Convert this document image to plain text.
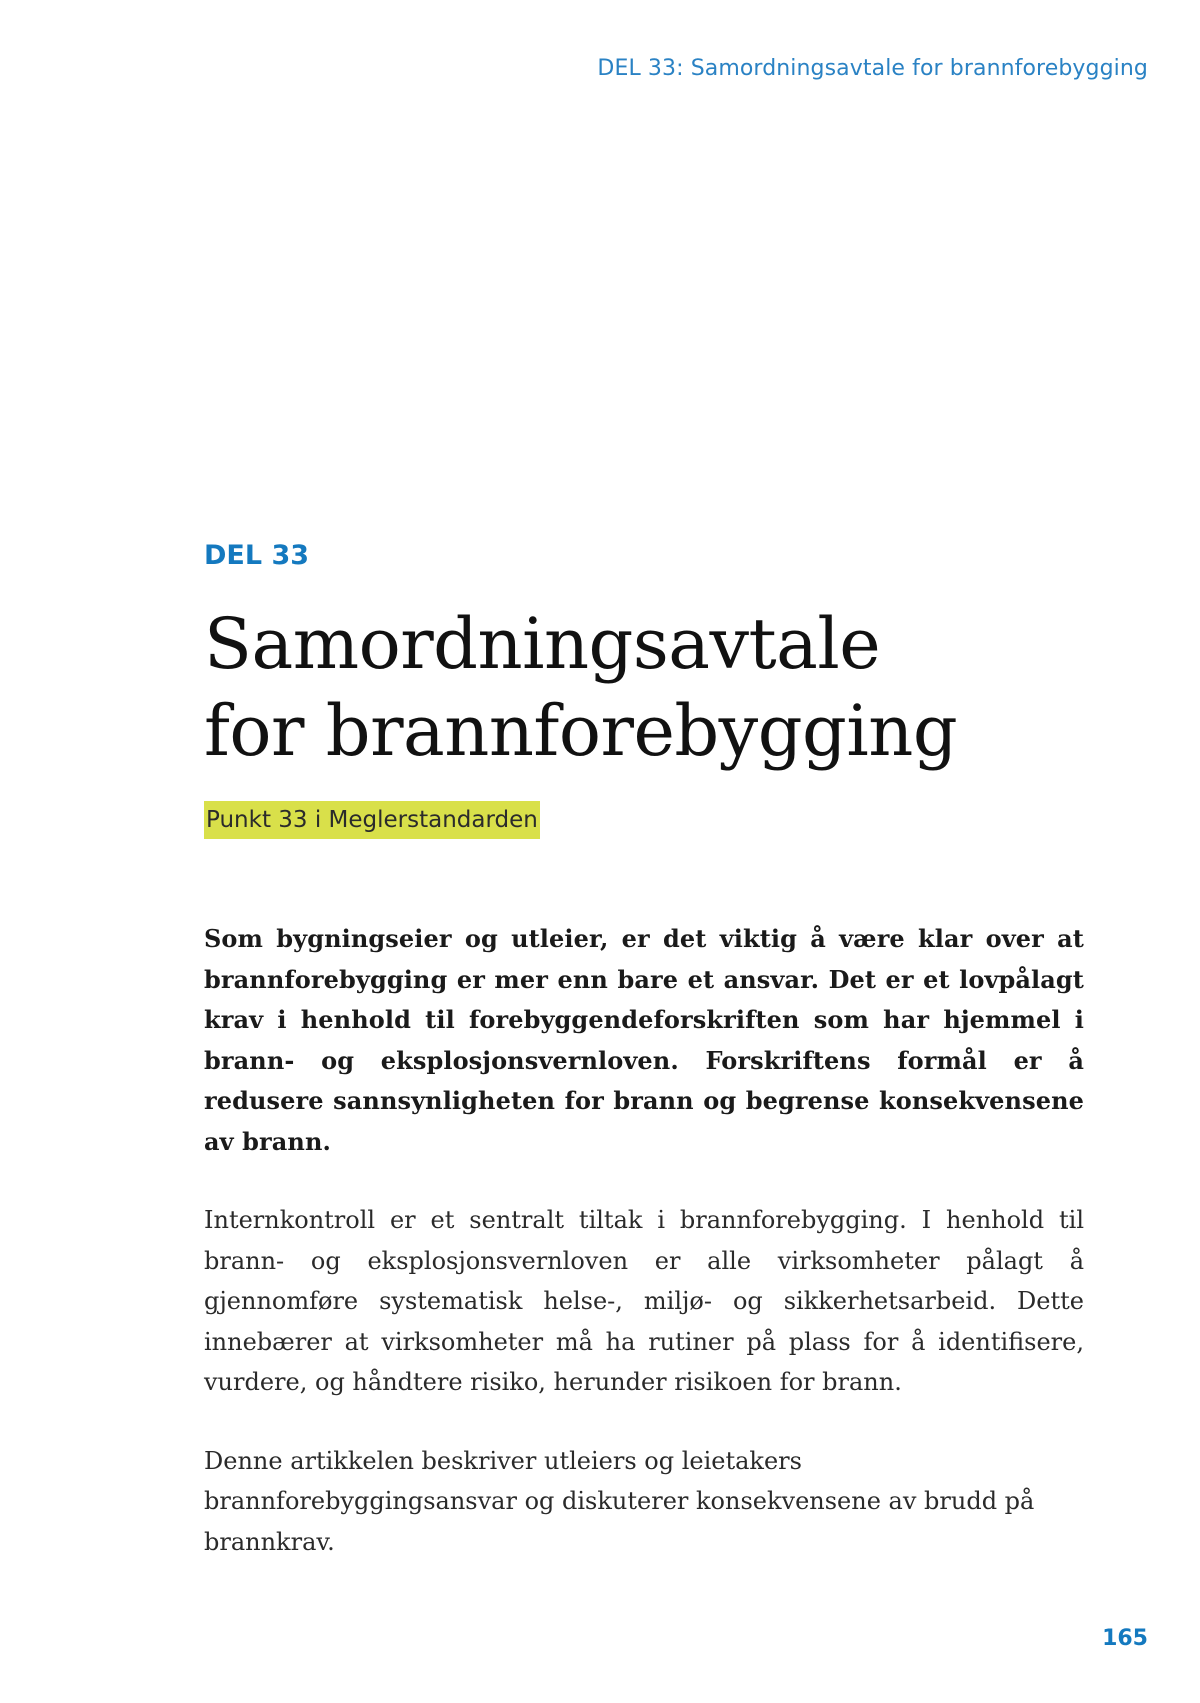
DEL 33: Samordningsavtale for brannforebygging
DEL 33
Samordningsavtale
for brannforebygging
Punkt 33 i Meglerstandarden

Som bygningseier og utleier, er det viktig å være klar over at brannforebygging er mer enn bare et ansvar. Det er et lovpålagt krav i henhold til forebyggendeforskriften som har hjemmel i brann- og eksplosjonsvernloven. Forskriftens formål er å redusere sannsynligheten for brann og begrense konsekvensene av brann.

Internkontroll er et sentralt tiltak i brannforebygging. I henhold til brann- og eksplosjonsvernloven er alle virksomheter pålagt å gjennomføre systematisk helse-, miljø- og sikkerhetsarbeid. Dette innebærer at virksomheter må ha rutiner på plass for å identifisere, vurdere, og håndtere risiko, herunder risikoen for brann.

Denne artikkelen beskriver utleiers og leietakers brannforebyggingsansvar og diskuterer konsekvensene av brudd på brannkrav.

165
